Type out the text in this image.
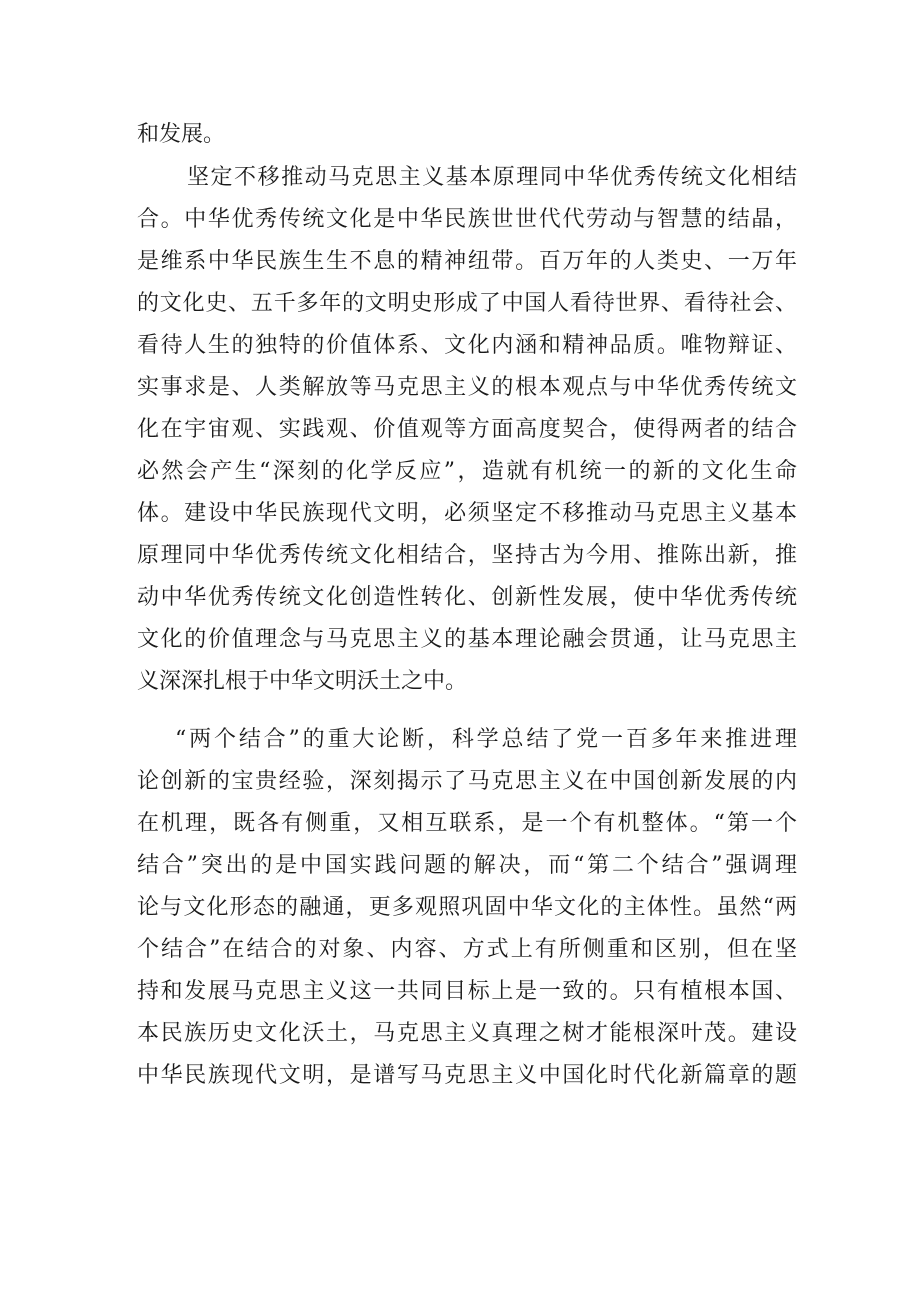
和发展。
坚定不移推动马克思主义基本原理同中华优秀传统文化相结
合。中华优秀传统文化是中华民族世世代代劳动与智慧的结晶，
是维系中华民族生生不息的精神纽带。百万年的人类史、一万年
的文化史、五千多年的文明史形成了中国人看待世界、看待社会、
看待人生的独特的价值体系、文化内涵和精神品质。唯物辩证、
实事求是、人类解放等马克思主义的根本观点与中华优秀传统文
化在宇宙观、实践观、价值观等方面高度契合，使得两者的结合
必然会产生“深刻的化学反应”，造就有机统一的新的文化生命
体。建设中华民族现代文明，必须坚定不移推动马克思主义基本
原理同中华优秀传统文化相结合，坚持古为今用、推陈出新，推
动中华优秀传统文化创造性转化、创新性发展，使中华优秀传统
文化的价值理念与马克思主义的基本理论融会贯通，让马克思主
义深深扎根于中华文明沃土之中。
“两个结合”的重大论断，科学总结了党一百多年来推进理
论创新的宝贵经验，深刻揭示了马克思主义在中国创新发展的内
在机理，既各有侧重，又相互联系，是一个有机整体。“第一个
结合”突出的是中国实践问题的解决，而“第二个结合”强调理
论与文化形态的融通，更多观照巩固中华文化的主体性。虽然“两
个结合”在结合的对象、内容、方式上有所侧重和区别，但在坚
持和发展马克思主义这一共同目标上是一致的。只有植根本国、
本民族历史文化沃土，马克思主义真理之树才能根深叶茂。建设
中华民族现代文明，是谱写马克思主义中国化时代化新篇章的题
